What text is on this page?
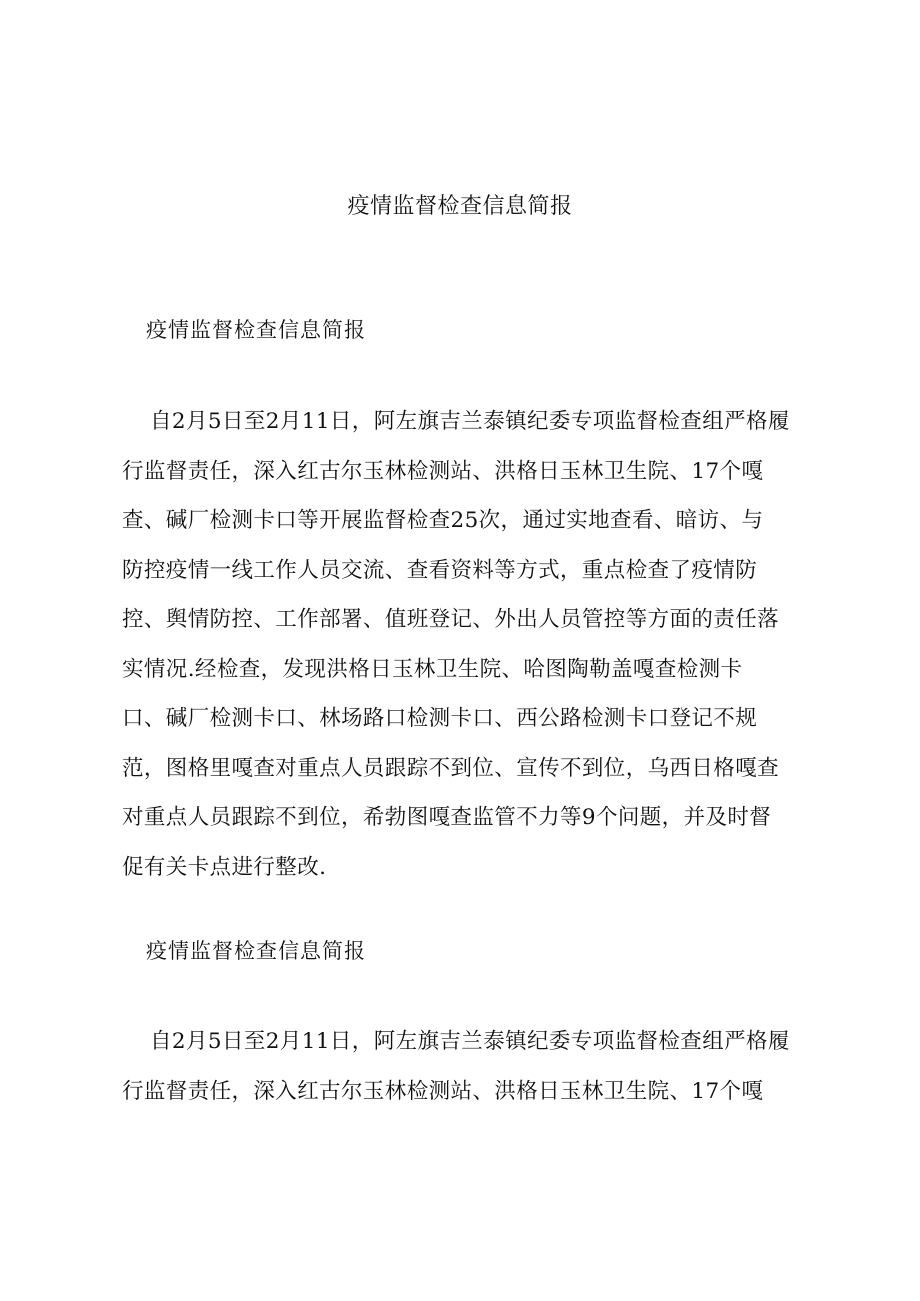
疫情监督检查信息简报
疫情监督检查信息简报
自2月5日至2月11日，阿左旗吉兰泰镇纪委专项监督检查组严格履
行监督责任，深入红古尔玉林检测站、洪格日玉林卫生院、17个嘎
查、碱厂检测卡口等开展监督检查25次，通过实地查看、暗访、与
防控疫情一线工作人员交流、查看资料等方式，重点检查了疫情防
控、舆情防控、工作部署、值班登记、外出人员管控等方面的责任落
实情况.经检查，发现洪格日玉林卫生院、哈图陶勒盖嘎查检测卡
口、碱厂检测卡口、林场路口检测卡口、西公路检测卡口登记不规
范，图格里嘎查对重点人员跟踪不到位、宣传不到位，乌西日格嘎查
对重点人员跟踪不到位，希勃图嘎查监管不力等9个问题，并及时督
促有关卡点进行整改.
疫情监督检查信息简报
自2月5日至2月11日，阿左旗吉兰泰镇纪委专项监督检查组严格履
行监督责任，深入红古尔玉林检测站、洪格日玉林卫生院、17个嘎
